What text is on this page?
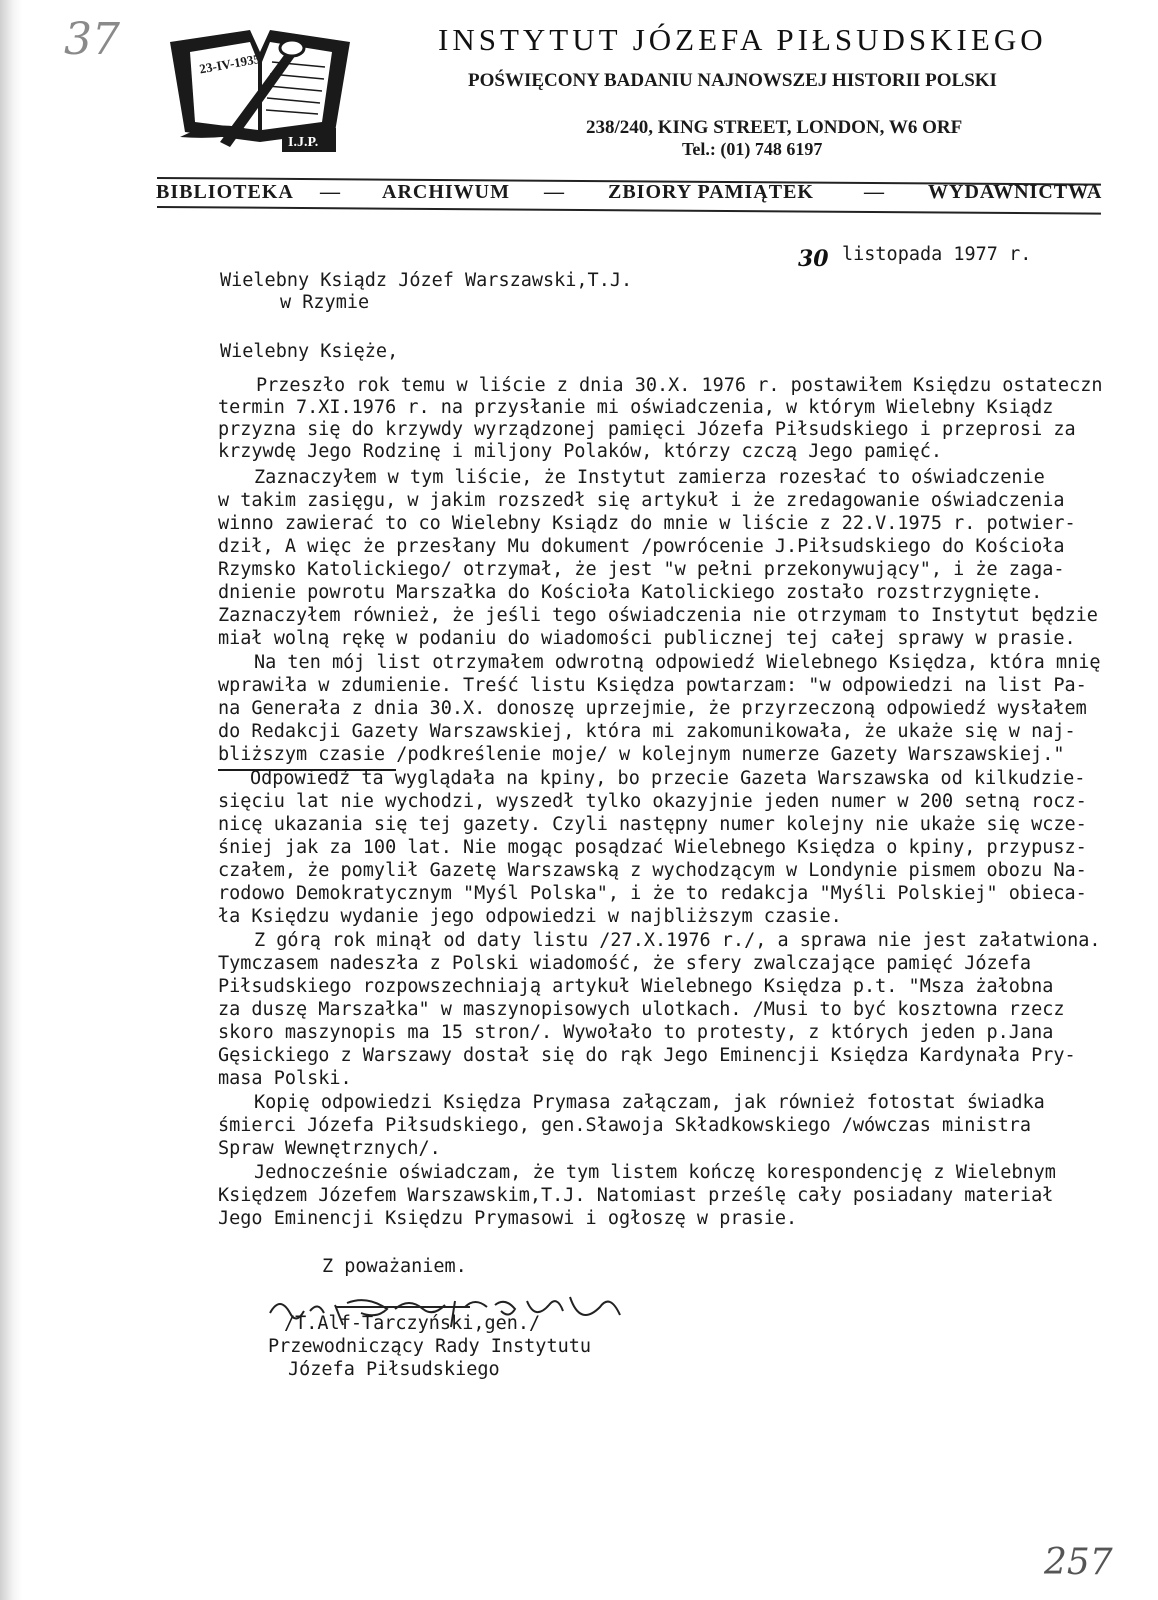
37	23-IV-1935
I.J.P.
INSTYTUT JÓZEFA PIŁSUDSKIEGO
POŚWIĘCONY BADANIU NAJNOWSZEJ HISTORII POLSKI
238/240, KING STREET, LONDON, W6 ORF
Tel.: (01) 748 6197
BIBLIOTEKA — ARCHIWUM — ZBIORY PAMIĄTEK	— WYDAWNICTWA
30 listopada 1977 r.
Wielebny Ksiądz Józef Warszawski,T.J.
w Rzymie
Wielebny Księże,
Przeszło rok temu w liście z dnia 30.X. 1976 r. postawiłem Księdzu ostateczn
termin 7.XI.1976 r. na przysłanie mi oświadczenia, w którym Wielebny Ksiądz
przyzna się do krzywdy wyrządzonej pamięci Józefa Piłsudskiego i przeprosi za
krzywdę Jego Rodzinę i miljony Polaków, którzy czczą Jego pamięć.
Zaznaczyłem w tym liście, że Instytut zamierza rozesłać to oświadczenie
w takim zasięgu, w jakim rozszedł się artykuł i że zredagowanie oświadczenia
winno zawierać to co Wielebny Ksiądz do mnie w liście z 22.V.1975 r. potwier-
dził, A więc że przesłany Mu dokument /powrócenie J.Piłsudskiego do Kościoła
Rzymsko Katolickiego/ otrzymał, że jest "w pełni przekonywujący", i że zaga-
dnienie powrotu Marszałka do Kościoła Katolickiego zostało rozstrzygnięte.
Zaznaczyłem również, że jeśli tego oświadczenia nie otrzymam to Instytut będzie
miał wolną rękę w podaniu do wiadomości publicznej tej całej sprawy w prasie.
Na ten mój list otrzymałem odwrotną odpowiedź Wielebnego Księdza, która mnię
wprawiła w zdumienie. Treść listu Księdza powtarzam: "w odpowiedzi na list Pa-
na Generała z dnia 30.X. donoszę uprzejmie, że przyrzeczoną odpowiedź wysłałem
do Redakcji Gazety Warszawskiej, która mi zakomunikowała, że ukaże się w naj-
bliższym czasie /podkreślenie moje/ w kolejnym numerze Gazety Warszawskiej."
Odpowiedź ta wyglądała na kpiny, bo przecie Gazeta Warszawska od kilkudzie-
sięciu lat nie wychodzi, wyszedł tylko okazyjnie jeden numer w 200 setną rocz-
nicę ukazania się tej gazety. Czyli następny numer kolejny nie ukaże się wcze-
śniej jak za 100 lat. Nie mogąc posądzać Wielebnego Księdza o kpiny, przypusz-
czałem, że pomylił Gazetę Warszawską z wychodzącym w Londynie pismem obozu Na-
rodowo Demokratycznym "Myśl Polska", i że to redakcja "Myśli Polskiej" obieca-
ła Księdzu wydanie jego odpowiedzi w najbliższym czasie.
Z górą rok minął od daty listu /27.X.1976 r./, a sprawa nie jest załatwiona.
Tymczasem nadeszła z Polski wiadomość, że sfery zwalczające pamięć Józefa
Piłsudskiego rozpowszechniają artykuł Wielebnego Księdza p.t. "Msza żałobna
za duszę Marszałka" w maszynopisowych ulotkach. /Musi to być kosztowna rzecz
skoro maszynopis ma 15 stron/. Wywołało to protesty, z których jeden p.Jana
Gęsickiego z Warszawy dostał się do rąk Jego Eminencji Księdza Kardynała Pry-
masa Polski.
Kopię odpowiedzi Księdza Prymasa załączam, jak również fotostat świadka
śmierci Józefa Piłsudskiego, gen.Sławoja Składkowskiego /wówczas ministra
Spraw Wewnętrznych/.
Jednocześnie oświadczam, że tym listem kończę korespondencję z Wielebnym
Księdzem Józefem Warszawskim,T.J. Natomiast prześlę cały posiadany materiał
Jego Eminencji Księdzu Prymasowi i ogłoszę w prasie.
Z poważaniem.
/T.Alf-Tarczyński,gen./
Przewodniczący Rady Instytutu
Józefa Piłsudskiego
257
